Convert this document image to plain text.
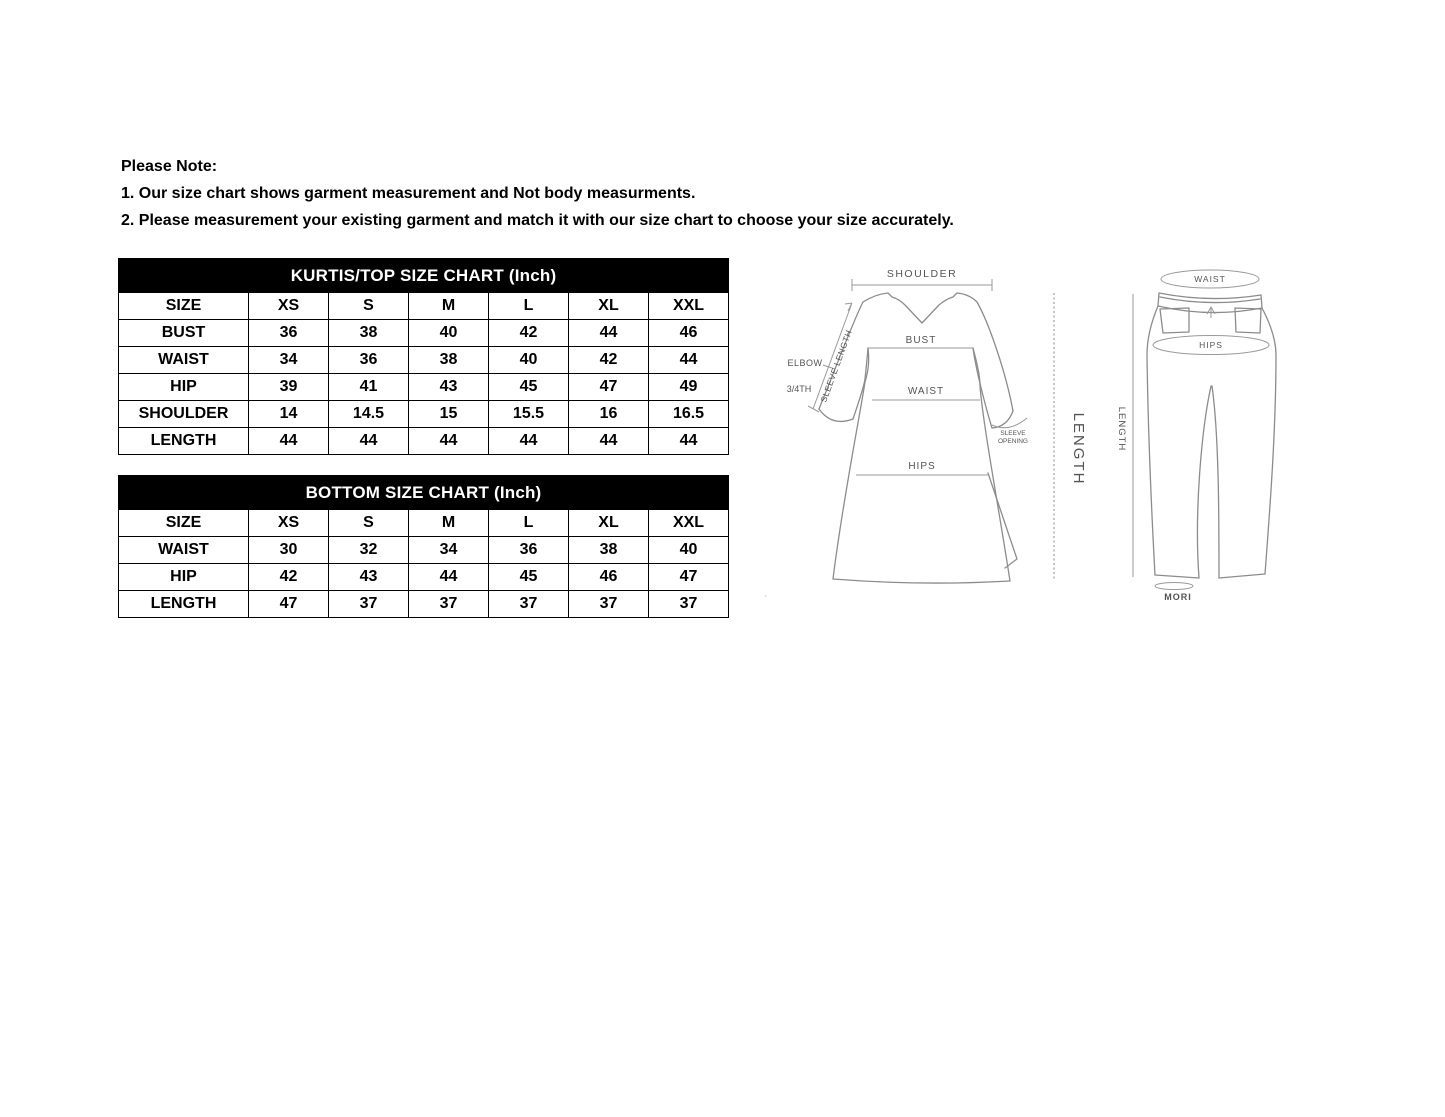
Please Note:
1. Our size chart shows garment measurement and Not body measurments.
2. Please measurement your existing garment and match it with our size chart to choose your size accurately.
KURTIS/TOP SIZE CHART (Inch)						
SIZE	XS	S	M	L	XL	XXL
BUST	36	38	40	42	44	46
WAIST	34	36	38	40	42	44
HIP	39	41	43	45	47	49
SHOULDER	14	14.5	15	15.5	16	16.5
LENGTH	44	44	44	44	44	44
BOTTOM SIZE CHART (Inch)						
SIZE	XS	S	M	L	XL	XXL
WAIST	30	32	34	36	38	40
HIP	42	43	44	45	46	47
LENGTH	47	37	37	37	37	37
SHOULDER
BUST
WAIST
HIPS
ELBOW
3/4TH SLEEVE LENGTH
SLEEVE
OPENING	LENGTH
WAIST
HIPS
LENGTH
MORI
·
